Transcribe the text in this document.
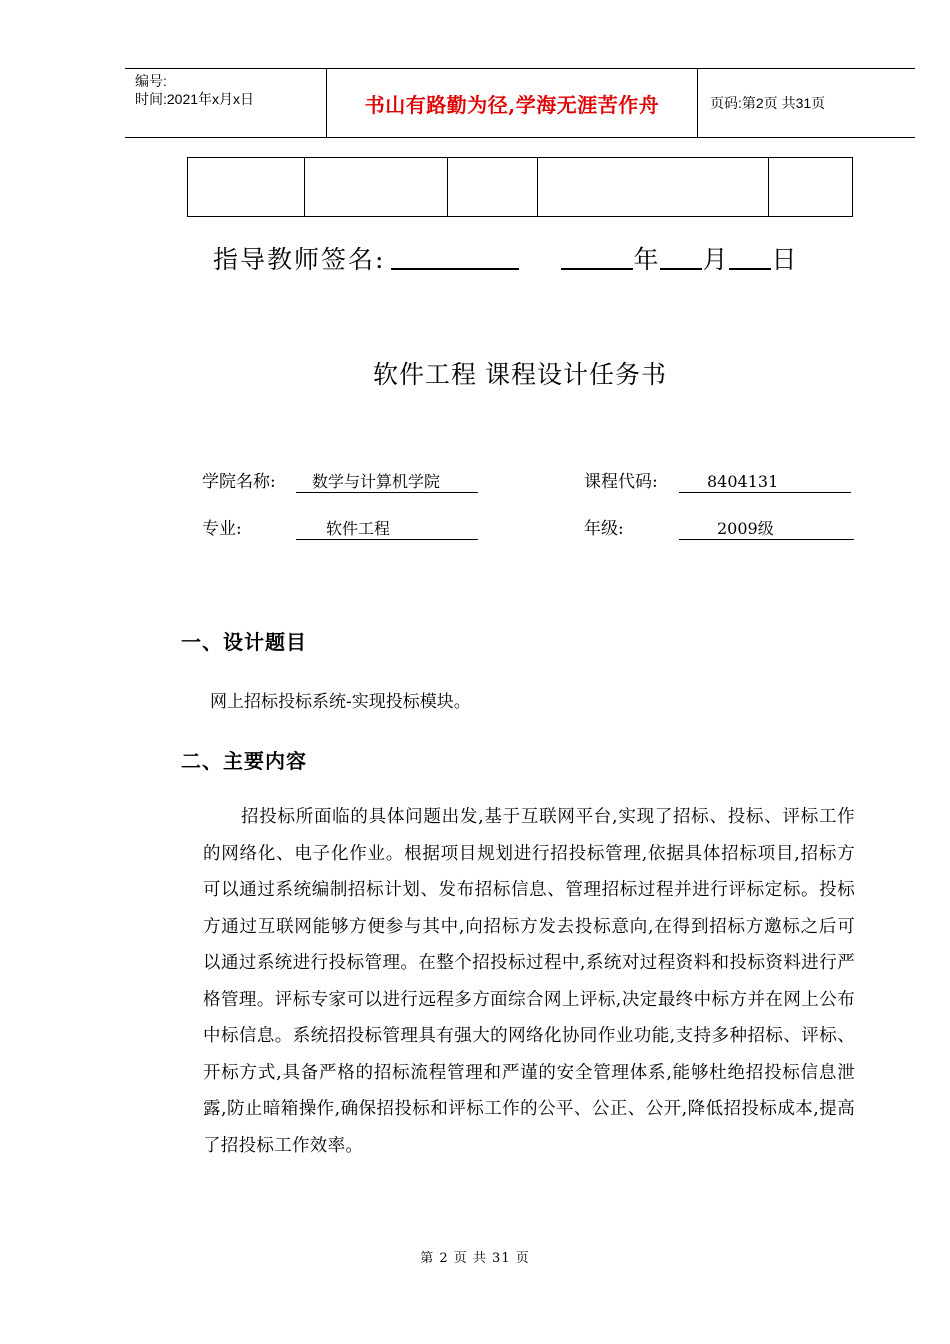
编号:
时间:2021年x月x日	书山有路勤为径,学海无涯苦作舟	页码:第2页 共31页
指导教师签名:	年 月 日
软件工程 课程设计任务书
学院名称:	数学与计算机学院	课程代码:	8404131
专业:	软件工程	年级:	2009级
一、设计题目
网上招标投标系统-实现投标模块。
二、主要内容
招投标所面临的具体问题出发,基于互联网平台,实现了招标、投标、评标工作的网络化、电子化作业。根据项目规划进行招投标管理,依据具体招标项目,招标方可以通过系统编制招标计划、发布招标信息、管理招标过程并进行评标定标。投标方通过互联网能够方便参与其中,向招标方发去投标意向,在得到招标方邀标之后可以通过系统进行投标管理。在整个招投标过程中,系统对过程资料和投标资料进行严格管理。评标专家可以进行远程多方面综合网上评标,决定最终中标方并在网上公布中标信息。系统招投标管理具有强大的网络化协同作业功能,支持多种招标、评标、开标方式,具备严格的招标流程管理和严谨的安全管理体系,能够杜绝招投标信息泄露,防止暗箱操作,确保招投标和评标工作的公平、公正、公开,降低招投标成本,提高了招投标工作效率。
第 2 页 共 31 页
